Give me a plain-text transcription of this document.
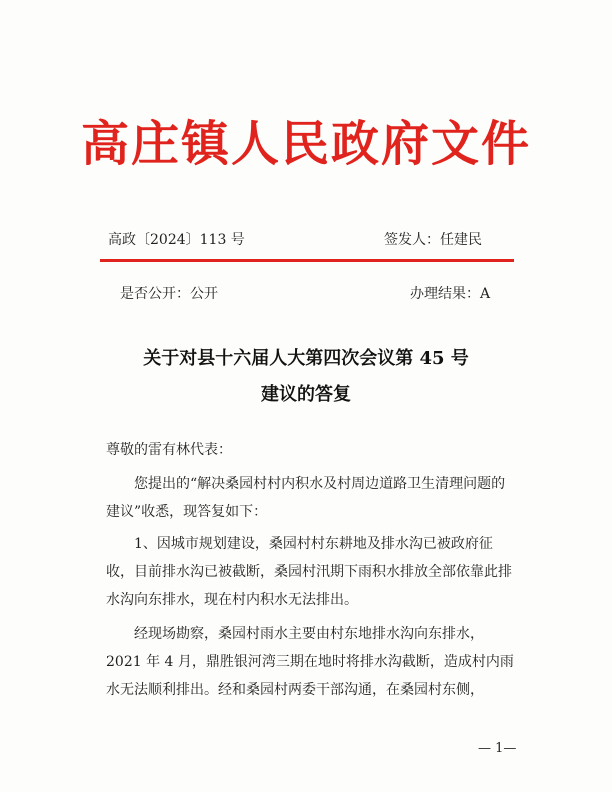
高庄镇人民政府文件
高政〔2024〕113 号	签发人：任建民
是否公开：公开	办理结果：A
关于对县十六届人大第四次会议第 45 号
建议的答复
尊敬的雷有林代表：
您提出的“解决桑园村村内积水及村周边道路卫生清理问题的建议”收悉，现答复如下：
1、因城市规划建设，桑园村村东耕地及排水沟已被政府征收，目前排水沟已被截断，桑园村汛期下雨积水排放全部依靠此排水沟向东排水，现在村内积水无法排出。
经现场勘察，桑园村雨水主要由村东地排水沟向东排水，2021 年 4 月，鼎胜银河湾三期在地时将排水沟截断，造成村内雨水无法顺利排出。经和桑园村两委干部沟通，在桑园村东侧，
— 1—
